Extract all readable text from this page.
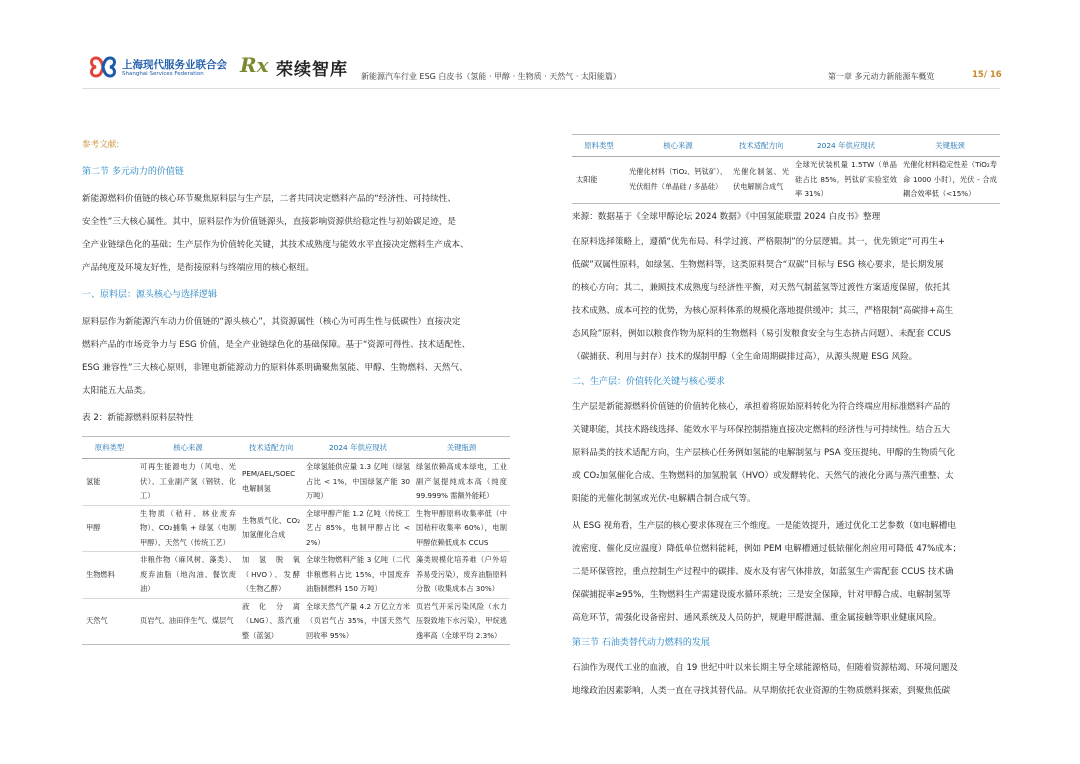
上海现代服务业联合会
Shanghai Services Federation Rx 荣续智库 新能源汽车行业 ESG 白皮书（氢能 · 甲醇 · 生物质 · 天然气 · 太阳能篇）	第一章 多元动力新能源车概览	15/ 16
参考文献:
第二节 多元动力的价值链
新能源燃料价值链的核心环节聚焦原料层与生产层，二者共同决定燃料产品的“经济性、可持续性、
安全性”三大核心属性。其中，原料层作为价值链源头，直接影响资源供给稳定性与初始碳足迹，是
全产业链绿色化的基础；生产层作为价值转化关键，其技术成熟度与能效水平直接决定燃料生产成本、
产品纯度及环境友好性，是衔接原料与终端应用的核心枢纽。
一、原料层：源头核心与选择逻辑
原料层作为新能源汽车动力价值链的“源头核心”，其资源属性（核心为可再生性与低碳性）直接决定
燃料产品的市场竞争力与 ESG 价值，是全产业链绿色化的基础保障。基于“资源可得性、技术适配性、
ESG 兼容性”三大核心原则，非锂电新能源动力的原料体系明确聚焦氢能、甲醇、生物燃料、天然气、
太阳能五大品类。
表 2：新能源燃料原料层特性
原料类型	核心来源	技术适配方向	2024 年供应现状	关键瓶颈
氢能	可再生能源电力（风电、光伏）、工业副产氢（钢铁、化工）	PEM/AEL/SOEC 电解制氢	全球氢能供应量 1.3 亿吨（绿氢占比 < 1%，中国绿氢产能 30 万吨）	绿氢依赖高成本绿电，工业副产氢提纯成本高（纯度 99.999% 需额外能耗）
甲醇	生物质（秸秆、林业废弃物）、CO₂捕集 + 绿氢（电制甲醇）、天然气（传统工艺）	生物质气化、CO₂加氢催化合成	全球甲醇产能 1.2 亿吨（传统工艺占 85%，电制甲醇占比 < 2%）	生物甲醇原料收集率低（中国秸秆收集率 60%），电制甲醇依赖低成本 CCUS
生物燃料	非粮作物（麻风树、藻类）、废弃油脂（地沟油、餐饮废油）	加氢脱氧（HVO）、发酵（生物乙醇）	全球生物燃料产能 3 亿吨（二代非粮燃料占比 15%，中国废弃油脂制燃料 150 万吨）	藻类规模化培养难（户外培养易受污染），废弃油脂原料分散（收集成本占 30%）
天然气	页岩气、油田伴生气、煤层气	液化分离（LNG）、蒸汽重整（蓝氢）	全球天然气产量 4.2 万亿立方米（页岩气占 35%，中国天然气回收率 95%）	页岩气开采污染风险（水力压裂致地下水污染），甲烷逃逸率高（全球平均 2.3%）
原料类型	核心来源	技术适配方向	2024 年供应现状	关键瓶颈
太阳能	光催化材料（TiO₂、钙钛矿）、光伏组件（单晶硅 / 多晶硅）	光催化制氢、光伏电解制合成气	全球光伏装机量 1.5TW（单晶硅占比 85%，钙钛矿实验室效率 31%）	光催化材料稳定性差（TiO₂寿命 1000 小时），光伏 - 合成耦合效率低（<15%）
来源：数据基于《全球甲醇论坛 2024 数据》《中国氢能联盟 2024 白皮书》整理
在原料选择策略上，遵循“优先布局、科学过渡、严格限制”的分层逻辑。其一，优先锁定“可再生+
低碳”双属性原料，如绿氢、生物燃料等，这类原料契合“双碳”目标与 ESG 核心要求，是长期发展
的核心方向；其二，兼顾技术成熟度与经济性平衡，对天然气制蓝氢等过渡性方案适度保留，依托其
技术成熟、成本可控的优势，为核心原料体系的规模化落地提供缓冲；其三，严格限制“高碳排+高生
态风险”原料，例如以粮食作物为原料的生物燃料（易引发粮食安全与生态挤占问题）、未配套 CCUS
（碳捕获、利用与封存）技术的煤制甲醇（全生命周期碳排过高），从源头规避 ESG 风险。
二、生产层：价值转化关键与核心要求
生产层是新能源燃料价值链的价值转化核心，承担着将原始原料转化为符合终端应用标准燃料产品的
关键职能，其技术路线选择、能效水平与环保控制措施直接决定燃料的经济性与可持续性。结合五大
原料品类的技术适配方向，生产层核心任务例如氢能的电解制氢与 PSA 变压提纯、甲醇的生物质气化
或 CO₂加氢催化合成、生物燃料的加氢脱氧（HVO）或发酵转化、天然气的液化分离与蒸汽重整、太
阳能的光催化制氢或光伏-电解耦合制合成气等。
从 ESG 视角看，生产层的核心要求体现在三个维度。一是能效提升，通过优化工艺参数（如电解槽电
流密度、催化反应温度）降低单位燃料能耗，例如 PEM 电解槽通过低铱催化剂应用可降低 47%成本；
二是环保管控，重点控制生产过程中的碳排、废水及有害气体排放，如蓝氢生产需配套 CCUS 技术确
保碳捕捉率≥95%，生物燃料生产需建设废水循环系统；三是安全保障，针对甲醇合成、电解制氢等
高危环节，需强化设备密封、通风系统及人员防护，规避甲醛泄漏、重金属接触等职业健康风险。
第三节 石油类替代动力燃料的发展
石油作为现代工业的血液，自 19 世纪中叶以来长期主导全球能源格局，但随着资源枯竭、环境问题及
地缘政治因素影响，人类一直在寻找其替代品。从早期依托农业资源的生物质燃料探索，到聚焦低碳
